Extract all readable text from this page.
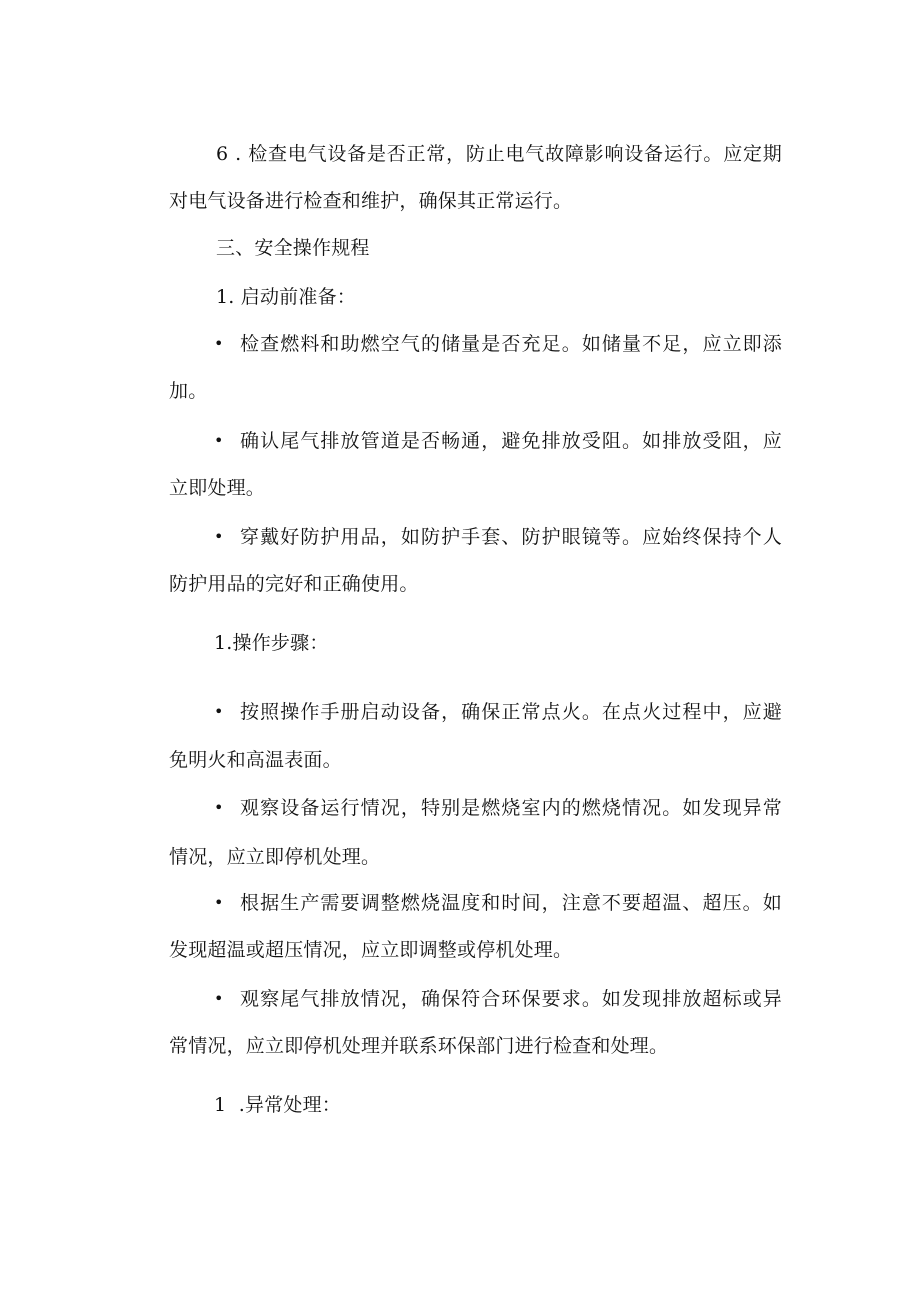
6 . 检查电气设备是否正常，防止电气故障影响设备运行。应定期
对电气设备进行检查和维护，确保其正常运行。
三、安全操作规程
1. 启动前准备：
• 检查燃料和助燃空气的储量是否充足。如储量不足，应立即添
加。
• 确认尾气排放管道是否畅通，避免排放受阻。如排放受阻，应
立即处理。
• 穿戴好防护用品，如防护手套、防护眼镜等。应始终保持个人
防护用品的完好和正确使用。
1.操作步骤：
• 按照操作手册启动设备，确保正常点火。在点火过程中，应避
免明火和高温表面。
• 观察设备运行情况，特别是燃烧室内的燃烧情况。如发现异常
情况，应立即停机处理。
• 根据生产需要调整燃烧温度和时间，注意不要超温、超压。如
发现超温或超压情况，应立即调整或停机处理。
• 观察尾气排放情况，确保符合环保要求。如发现排放超标或异
常情况，应立即停机处理并联系环保部门进行检查和处理。
1  .异常处理：
